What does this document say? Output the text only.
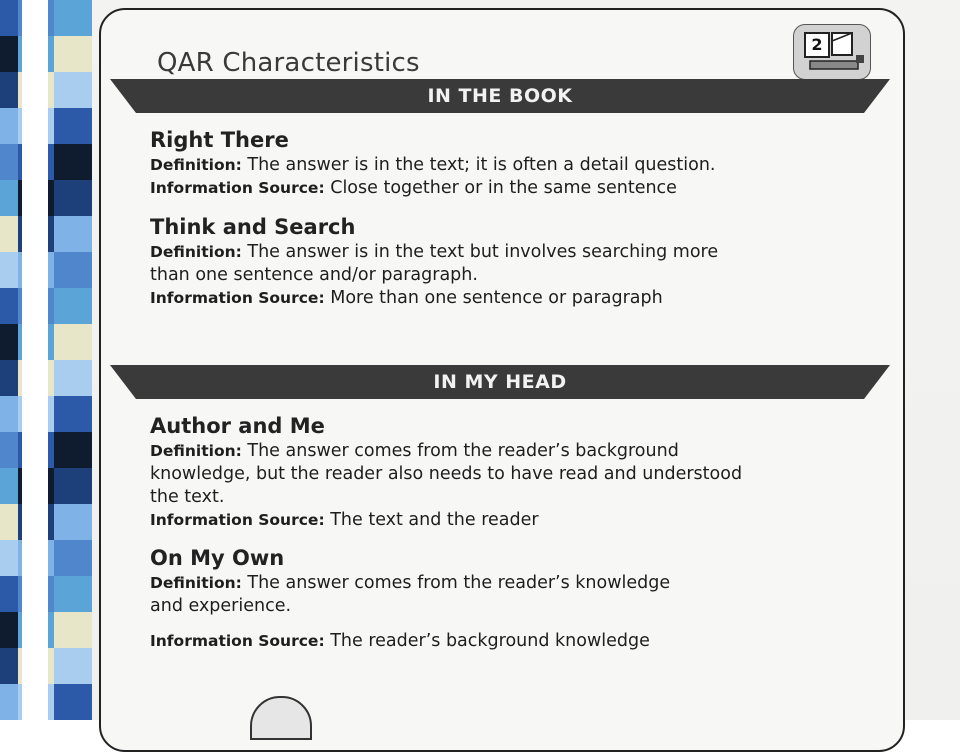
QAR Characteristics
2
IN THE BOOK
IN MY HEAD
Right There
Definition: The answer is in the text; it is often a detail question.
Information Source: Close together or in the same sentence
Think and Search
Definition: The answer is in the text but involves searching more
than one sentence and/or paragraph.
Information Source: More than one sentence or paragraph
Author and Me
Definition: The answer comes from the reader’s background
knowledge, but the reader also needs to have read and understood
the text.
Information Source: The text and the reader
On My Own
Definition: The answer comes from the reader’s knowledge
and experience.
Information Source: The reader’s background knowledge
